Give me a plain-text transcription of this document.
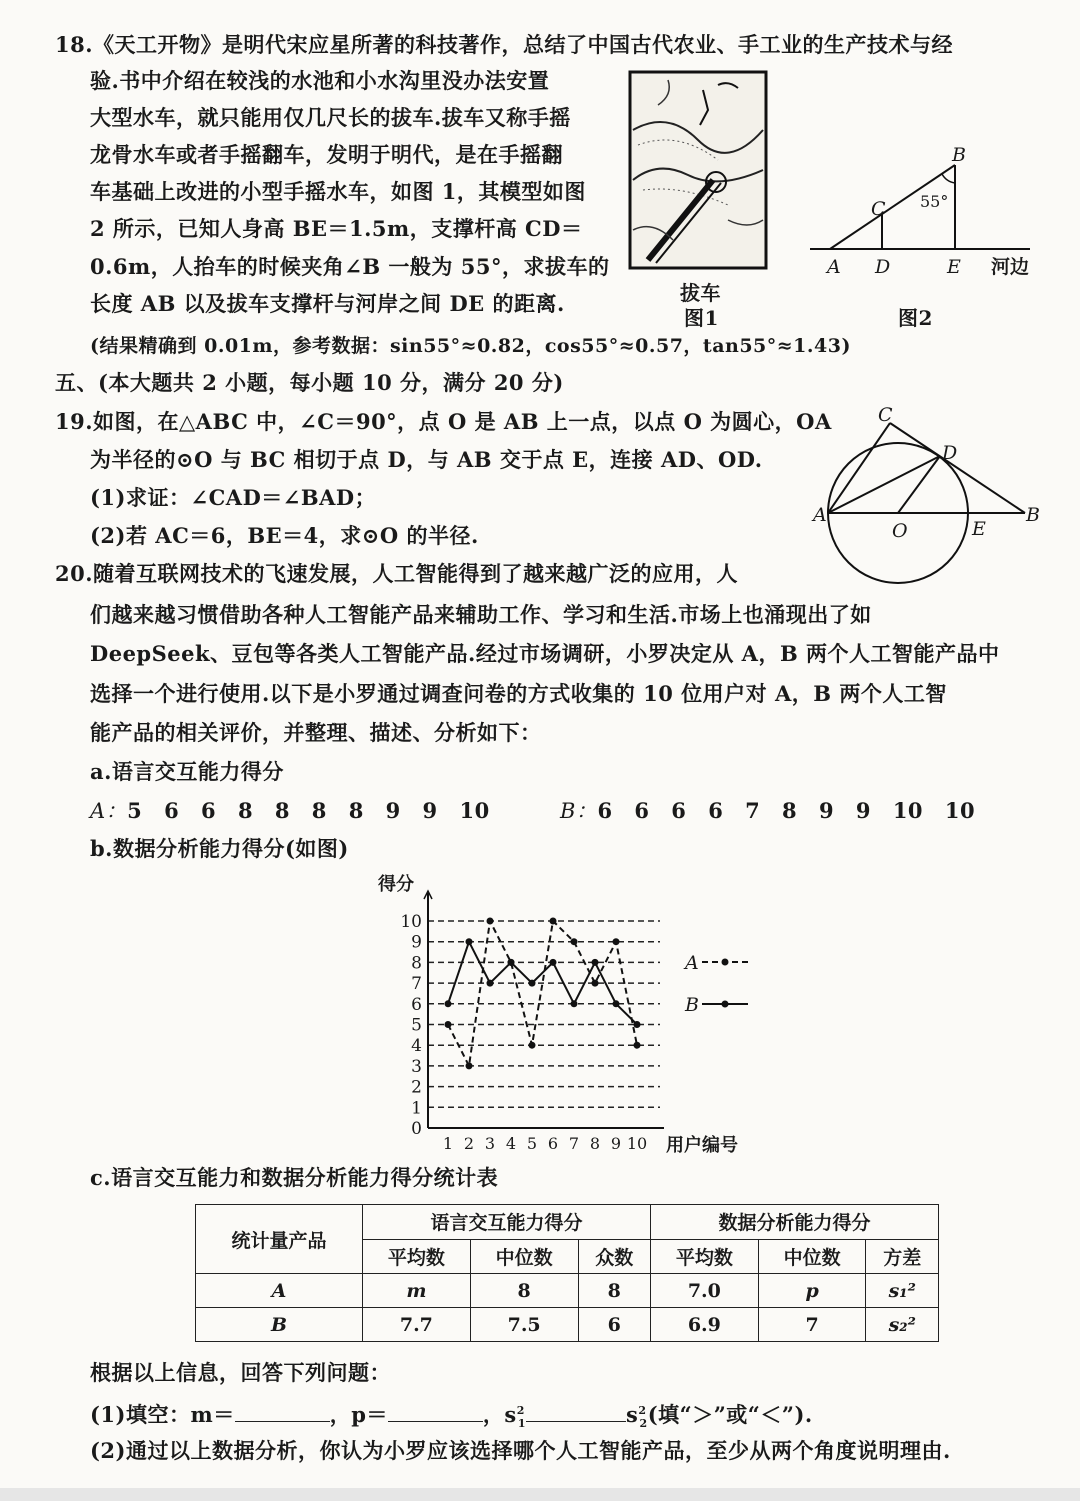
18.《天工开物》是明代宋应星所著的科技著作，总结了中国古代农业、手工业的生产技术与经
验.书中介绍在较浅的水池和小水沟里没办法安置
大型水车，就只能用仅几尺长的拔车.拔车又称手摇
龙骨水车或者手摇翻车，发明于明代，是在手摇翻
车基础上改进的小型手摇水车，如图 1，其模型如图
2 所示，已知人身高 BE＝1.5m，支撑杆高 CD＝
0.6m，人抬车的时候夹角∠B 一般为 55°，求拔车的
长度 AB 以及拔车支撑杆与河岸之间 DE 的距离.
(结果精确到 0.01m，参考数据：sin55°≈0.82，cos55°≈0.57，tan55°≈1.43)
拔车
图1
A D	E
B
C 55°
河边
图2
五、(本大题共 2 小题，每小题 10 分，满分 20 分)
19.如图，在△ABC 中，∠C＝90°，点 O 是 AB 上一点，以点 O 为圆心，OA
为半径的⊙O 与 BC 相切于点 D，与 AB 交于点 E，连接 AD、OD.
(1)求证：∠CAD＝∠BAD；
(2)若 AC＝6，BE＝4，求⊙O 的半径.
C
D
A
O	E
B
20.随着互联网技术的飞速发展，人工智能得到了越来越广泛的应用，人
们越来越习惯借助各种人工智能产品来辅助工作、学习和生活.市场上也涌现出了如
DeepSeek、豆包等各类人工智能产品.经过市场调研，小罗决定从 A，B 两个人工智能产品中
选择一个进行使用.以下是小罗通过调查问卷的方式收集的 10 位用户对 A，B 两个人工智
能产品的相关评价，并整理、描述、分析如下：
a.语言交互能力得分
A：5 6 6 8 8 8 8 9 9 10	B：6 6 6 6 7 8 9 9 10 10
b.数据分析能力得分(如图)
0
1
2
3
4
5
6
7
8
9
10
得分
1 2 3 4 5 6 7 8 9 10 用户编号
A
B
c.语言交互能力和数据分析能力得分统计表
统计量产品	语言交互能力得分			数据分析能力得分		
	平均数	中位数	众数	平均数	中位数	方差
A	m	8	8	7.0	p	s₁²
B	7.7	7.5	6	6.9	7	s₂²
根据以上信息，回答下列问题：
(1)填空：m＝	，p＝	，$s^2_1$	$s^2_2$(填“＞”或“＜”).
(2)通过以上数据分析，你认为小罗应该选择哪个人工智能产品，至少从两个角度说明理由.
